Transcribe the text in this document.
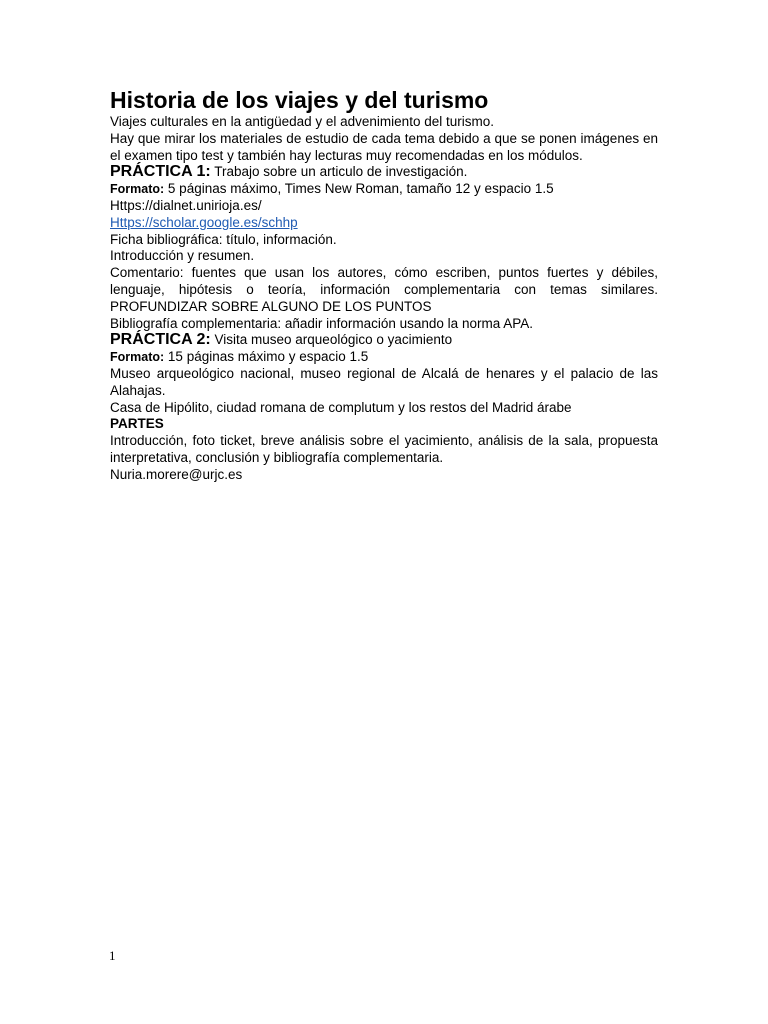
Historia de los viajes y del turismo

Viajes culturales en la antigüedad y el advenimiento del turismo.

Hay que mirar los materiales de estudio de cada tema debido a que se ponen imágenes en el examen tipo test y también hay lecturas muy recomendadas en los módulos.

PRÁCTICA 1: Trabajo sobre un articulo de investigación.

Formato: 5 páginas máximo, Times New Roman, tamaño 12 y espacio 1.5

Https://dialnet.unirioja.es/

Https://scholar.google.es/schhp

Ficha bibliográfica: título, información.

Introducción y resumen.

Comentario: fuentes que usan los autores, cómo escriben, puntos fuertes y débiles, lenguaje, hipótesis o teoría, información complementaria con temas similares. PROFUNDIZAR SOBRE ALGUNO DE LOS PUNTOS

Bibliografía complementaria: añadir información usando la norma APA.

PRÁCTICA 2: Visita museo arqueológico o yacimiento

Formato: 15 páginas máximo y espacio 1.5

Museo arqueológico nacional, museo regional de Alcalá de henares y el palacio de las Alahajas.

Casa de Hipólito, ciudad romana de complutum y los restos del Madrid árabe

PARTES

Introducción, foto ticket, breve análisis sobre el yacimiento, análisis de la sala, propuesta interpretativa, conclusión y bibliografía complementaria.

Nuria.morere@urjc.es

1
